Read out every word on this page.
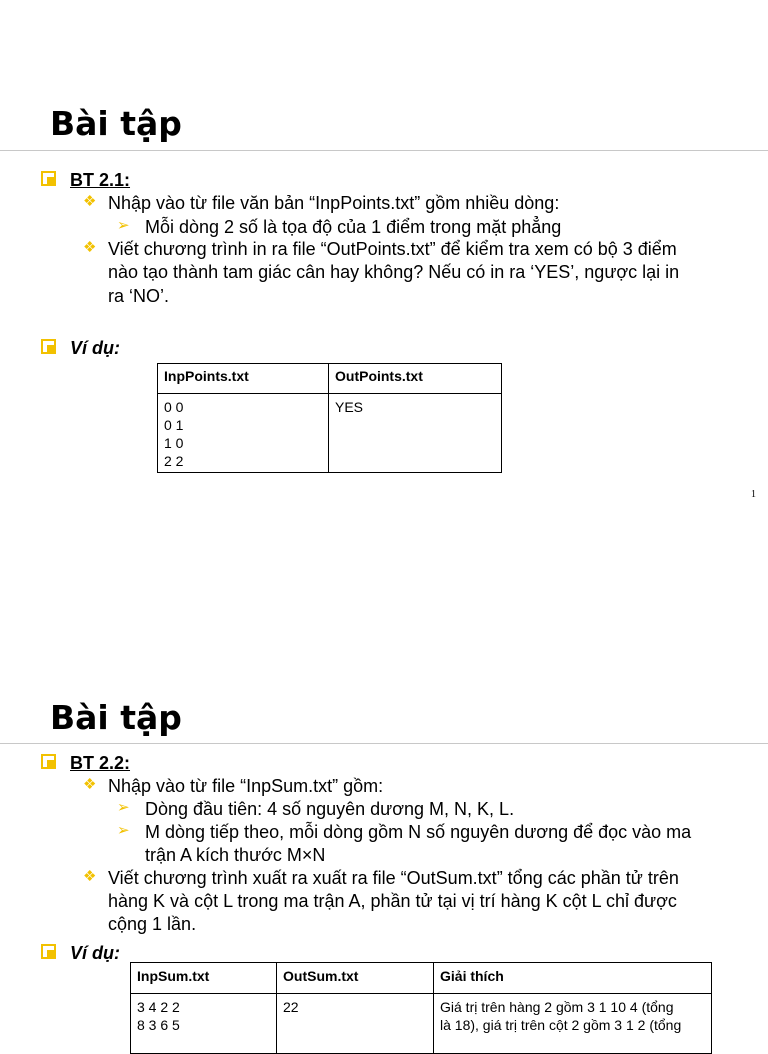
Bài tập
BT 2.1:
❖ Nhập vào từ file văn bản “InpPoints.txt” gồm nhiều dòng:
➢ Mỗi dòng 2 số là tọa độ của 1 điểm trong mặt phẳng
❖ Viết chương trình in ra file “OutPoints.txt” để kiểm tra xem có bộ 3 điểm
nào tạo thành tam giác cân hay không? Nếu có in ra ‘YES’, ngược lại in
ra ‘NO’.
Ví dụ:
InpPoints.txt	OutPoints.txt
0 0
0 1
1 0
2 2	YES
1
Bài tập
BT 2.2:
❖ Nhập vào từ file “InpSum.txt” gồm:
➢ Dòng đầu tiên: 4 số nguyên dương M, N, K, L.
➢ M dòng tiếp theo, mỗi dòng gồm N số nguyên dương để đọc vào ma
trận A kích thước M×N
❖ Viết chương trình xuất ra xuất ra file “OutSum.txt” tổng các phần tử trên
hàng K và cột L trong ma trận A, phần tử tại vị trí hàng K cột L chỉ được
cộng 1 lần.
Ví dụ:
InpSum.txt	OutSum.txt	Giải thích
3 4 2 2
8 3 6 5	22	Giá trị trên hàng 2 gồm 3 1 10 4 (tổng
là 18), giá trị trên cột 2 gồm 3 1 2 (tổng
